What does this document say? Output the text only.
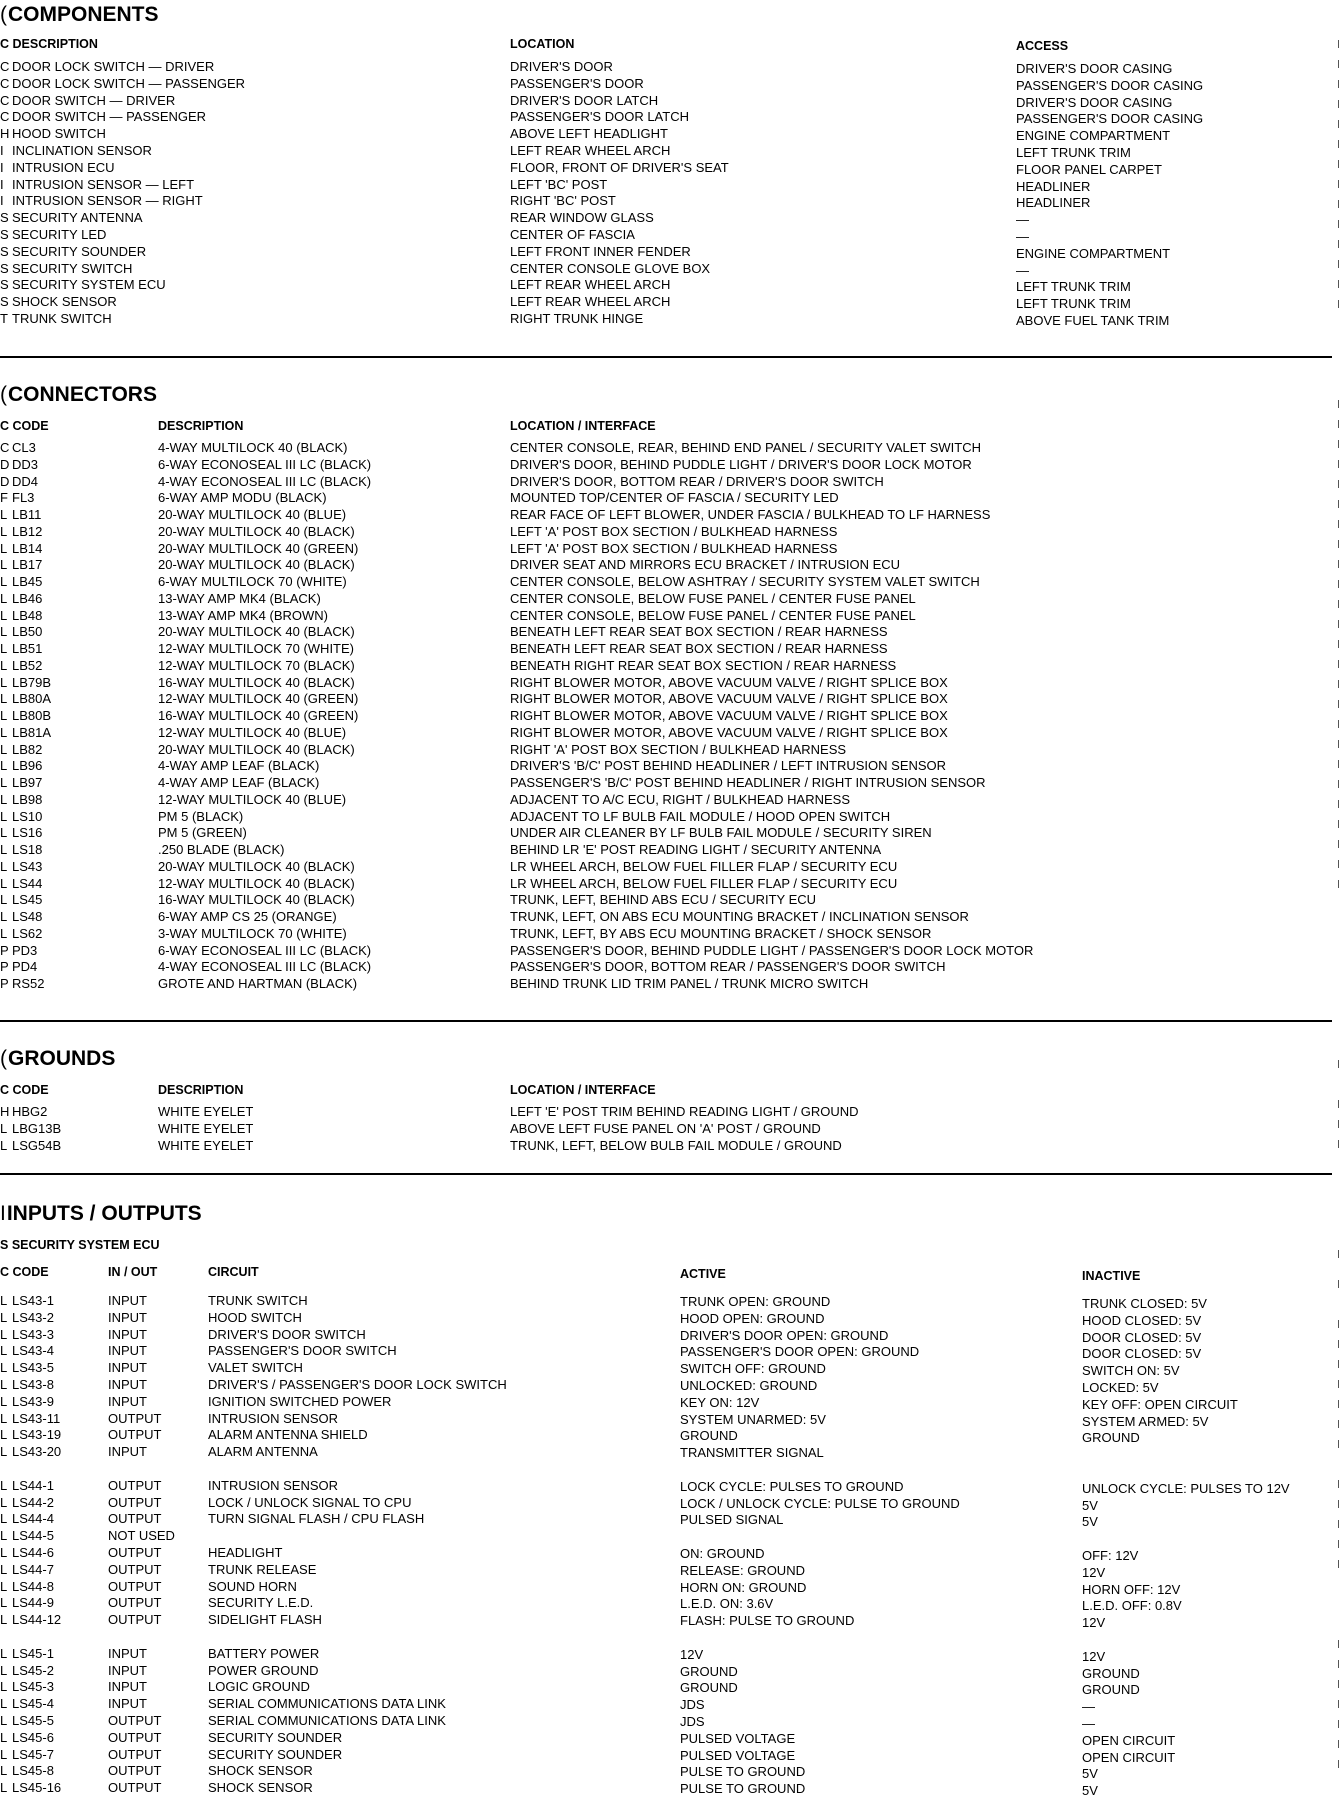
(COMPONENTS
C DESCRIPTION	LOCATION	ACCESS
C DOOR LOCK SWITCH — DRIVER	DRIVER'S DOOR	DRIVER'S DOOR CASING
C DOOR LOCK SWITCH — PASSENGER	PASSENGER'S DOOR	PASSENGER'S DOOR CASING
C DOOR SWITCH — DRIVER	DRIVER'S DOOR LATCH	DRIVER'S DOOR CASING
C DOOR SWITCH — PASSENGER	PASSENGER'S DOOR LATCH	PASSENGER'S DOOR CASING
H HOOD SWITCH	ABOVE LEFT HEADLIGHT	ENGINE COMPARTMENT
I INCLINATION SENSOR	LEFT REAR WHEEL ARCH	LEFT TRUNK TRIM
I INTRUSION ECU	FLOOR, FRONT OF DRIVER'S SEAT	FLOOR PANEL CARPET
I INTRUSION SENSOR — LEFT	LEFT 'BC' POST	HEADLINER
I INTRUSION SENSOR — RIGHT	RIGHT 'BC' POST	HEADLINER
S SECURITY ANTENNA	REAR WINDOW GLASS	—
S SECURITY LED	CENTER OF FASCIA	—
S SECURITY SOUNDER	LEFT FRONT INNER FENDER	ENGINE COMPARTMENT
S SECURITY SWITCH	CENTER CONSOLE GLOVE BOX	—
S SECURITY SYSTEM ECU	LEFT REAR WHEEL ARCH	LEFT TRUNK TRIM
S SHOCK SENSOR	LEFT REAR WHEEL ARCH	LEFT TRUNK TRIM
T TRUNK SWITCH	RIGHT TRUNK HINGE	ABOVE FUEL TANK TRIM
(CONNECTORS
C CODE	DESCRIPTION	LOCATION / INTERFACE
C CL3	4-WAY MULTILOCK 40 (BLACK)	CENTER CONSOLE, REAR, BEHIND END PANEL / SECURITY VALET SWITCH
D DD3	6-WAY ECONOSEAL III LC (BLACK)	DRIVER'S DOOR, BEHIND PUDDLE LIGHT / DRIVER'S DOOR LOCK MOTOR
D DD4	4-WAY ECONOSEAL III LC (BLACK)	DRIVER'S DOOR, BOTTOM REAR / DRIVER'S DOOR SWITCH
F FL3	6-WAY AMP MODU (BLACK)	MOUNTED TOP/CENTER OF FASCIA / SECURITY LED
L LB11	20-WAY MULTILOCK 40 (BLUE)	REAR FACE OF LEFT BLOWER, UNDER FASCIA / BULKHEAD TO LF HARNESS
L LB12	20-WAY MULTILOCK 40 (BLACK)	LEFT 'A' POST BOX SECTION / BULKHEAD HARNESS
L LB14	20-WAY MULTILOCK 40 (GREEN)	LEFT 'A' POST BOX SECTION / BULKHEAD HARNESS
L LB17	20-WAY MULTILOCK 40 (BLACK)	DRIVER SEAT AND MIRRORS ECU BRACKET / INTRUSION ECU
L LB45	6-WAY MULTILOCK 70 (WHITE)	CENTER CONSOLE, BELOW ASHTRAY / SECURITY SYSTEM VALET SWITCH
L LB46	13-WAY AMP MK4 (BLACK)	CENTER CONSOLE, BELOW FUSE PANEL / CENTER FUSE PANEL
L LB48	13-WAY AMP MK4 (BROWN)	CENTER CONSOLE, BELOW FUSE PANEL / CENTER FUSE PANEL
L LB50	20-WAY MULTILOCK 40 (BLACK)	BENEATH LEFT REAR SEAT BOX SECTION / REAR HARNESS
L LB51	12-WAY MULTILOCK 70 (WHITE)	BENEATH LEFT REAR SEAT BOX SECTION / REAR HARNESS
L LB52	12-WAY MULTILOCK 70 (BLACK)	BENEATH RIGHT REAR SEAT BOX SECTION / REAR HARNESS
L LB79B	16-WAY MULTILOCK 40 (BLACK)	RIGHT BLOWER MOTOR, ABOVE VACUUM VALVE / RIGHT SPLICE BOX
L LB80A	12-WAY MULTILOCK 40 (GREEN)	RIGHT BLOWER MOTOR, ABOVE VACUUM VALVE / RIGHT SPLICE BOX
L LB80B	16-WAY MULTILOCK 40 (GREEN)	RIGHT BLOWER MOTOR, ABOVE VACUUM VALVE / RIGHT SPLICE BOX
L LB81A	12-WAY MULTILOCK 40 (BLUE)	RIGHT BLOWER MOTOR, ABOVE VACUUM VALVE / RIGHT SPLICE BOX
L LB82	20-WAY MULTILOCK 40 (BLACK)	RIGHT 'A' POST BOX SECTION / BULKHEAD HARNESS
L LB96	4-WAY AMP LEAF (BLACK)	DRIVER'S 'B/C' POST BEHIND HEADLINER / LEFT INTRUSION SENSOR
L LB97	4-WAY AMP LEAF (BLACK)	PASSENGER'S 'B/C' POST BEHIND HEADLINER / RIGHT INTRUSION SENSOR
L LB98	12-WAY MULTILOCK 40 (BLUE)	ADJACENT TO A/C ECU, RIGHT / BULKHEAD HARNESS
L LS10	PM 5 (BLACK)	ADJACENT TO LF BULB FAIL MODULE / HOOD OPEN SWITCH
L LS16	PM 5 (GREEN)	UNDER AIR CLEANER BY LF BULB FAIL MODULE / SECURITY SIREN
L LS18	.250 BLADE (BLACK)	BEHIND LR 'E' POST READING LIGHT / SECURITY ANTENNA
L LS43	20-WAY MULTILOCK 40 (BLACK)	LR WHEEL ARCH, BELOW FUEL FILLER FLAP / SECURITY ECU
L LS44	12-WAY MULTILOCK 40 (BLACK)	LR WHEEL ARCH, BELOW FUEL FILLER FLAP / SECURITY ECU
L LS45	16-WAY MULTILOCK 40 (BLACK)	TRUNK, LEFT, BEHIND ABS ECU / SECURITY ECU
L LS48	6-WAY AMP CS 25 (ORANGE)	TRUNK, LEFT, ON ABS ECU MOUNTING BRACKET / INCLINATION SENSOR
L LS62	3-WAY MULTILOCK 70 (WHITE)	TRUNK, LEFT, BY ABS ECU MOUNTING BRACKET / SHOCK SENSOR
P PD3	6-WAY ECONOSEAL III LC (BLACK)	PASSENGER'S DOOR, BEHIND PUDDLE LIGHT / PASSENGER'S DOOR LOCK MOTOR
P PD4	4-WAY ECONOSEAL III LC (BLACK)	PASSENGER'S DOOR, BOTTOM REAR / PASSENGER'S DOOR SWITCH
P RS52	GROTE AND HARTMAN (BLACK)	BEHIND TRUNK LID TRIM PANEL / TRUNK MICRO SWITCH
(GROUNDS
C CODE	DESCRIPTION	LOCATION / INTERFACE
H HBG2	WHITE EYELET	LEFT 'E' POST TRIM BEHIND READING LIGHT / GROUND
L LBG13B	WHITE EYELET	ABOVE LEFT FUSE PANEL ON 'A' POST / GROUND
L LSG54B	WHITE EYELET	TRUNK, LEFT, BELOW BULB FAIL MODULE / GROUND
IINPUTS / OUTPUTS
S SECURITY SYSTEM ECU
C CODE	IN / OUT	CIRCUIT	ACTIVE	INACTIVE
L LS43-1	INPUT	TRUNK SWITCH	TRUNK OPEN: GROUND	TRUNK CLOSED: 5V
L LS43-2	INPUT	HOOD SWITCH	HOOD OPEN: GROUND	HOOD CLOSED: 5V
L LS43-3	INPUT	DRIVER'S DOOR SWITCH	DRIVER'S DOOR OPEN: GROUND	DOOR CLOSED: 5V
L LS43-4	INPUT	PASSENGER'S DOOR SWITCH	PASSENGER'S DOOR OPEN: GROUND	DOOR CLOSED: 5V
L LS43-5	INPUT	VALET SWITCH	SWITCH OFF: GROUND	SWITCH ON: 5V
L LS43-8	INPUT	DRIVER'S / PASSENGER'S DOOR LOCK SWITCH	UNLOCKED: GROUND	LOCKED: 5V
L LS43-9	INPUT	IGNITION SWITCHED POWER	KEY ON: 12V	KEY OFF: OPEN CIRCUIT
L LS43-11	OUTPUT	INTRUSION SENSOR	SYSTEM UNARMED: 5V	SYSTEM ARMED: 5V
L LS43-19	OUTPUT	ALARM ANTENNA SHIELD	GROUND	GROUND
L LS43-20	INPUT	ALARM ANTENNA	TRANSMITTER SIGNAL
L LS44-1	OUTPUT	INTRUSION SENSOR	LOCK CYCLE: PULSES TO GROUND	UNLOCK CYCLE: PULSES TO 12V
L LS44-2	OUTPUT	LOCK / UNLOCK SIGNAL TO CPU	LOCK / UNLOCK CYCLE: PULSE TO GROUND	5V
L LS44-4	OUTPUT	TURN SIGNAL FLASH / CPU FLASH	PULSED SIGNAL	5V
L LS44-5	NOT USED
L LS44-6	OUTPUT	HEADLIGHT	ON: GROUND	OFF: 12V
L LS44-7	OUTPUT	TRUNK RELEASE	RELEASE: GROUND	12V
L LS44-8	OUTPUT	SOUND HORN	HORN ON: GROUND	HORN OFF: 12V
L LS44-9	OUTPUT	SECURITY L.E.D.	L.E.D. ON: 3.6V	L.E.D. OFF: 0.8V
L LS44-12	OUTPUT	SIDELIGHT FLASH	FLASH: PULSE TO GROUND	12V
L LS45-1	INPUT	BATTERY POWER	12V	12V
L LS45-2	INPUT	POWER GROUND	GROUND	GROUND
L LS45-3	INPUT	LOGIC GROUND	GROUND	GROUND
L LS45-4	INPUT	SERIAL COMMUNICATIONS DATA LINK	JDS	—
L LS45-5	OUTPUT	SERIAL COMMUNICATIONS DATA LINK	JDS	—
L LS45-6	OUTPUT	SECURITY SOUNDER	PULSED VOLTAGE	OPEN CIRCUIT
L LS45-7	OUTPUT	SECURITY SOUNDER	PULSED VOLTAGE	OPEN CIRCUIT
L LS45-8	OUTPUT	SHOCK SENSOR	PULSE TO GROUND	5V
L LS45-16	OUTPUT	SHOCK SENSOR	PULSE TO GROUND	5V
